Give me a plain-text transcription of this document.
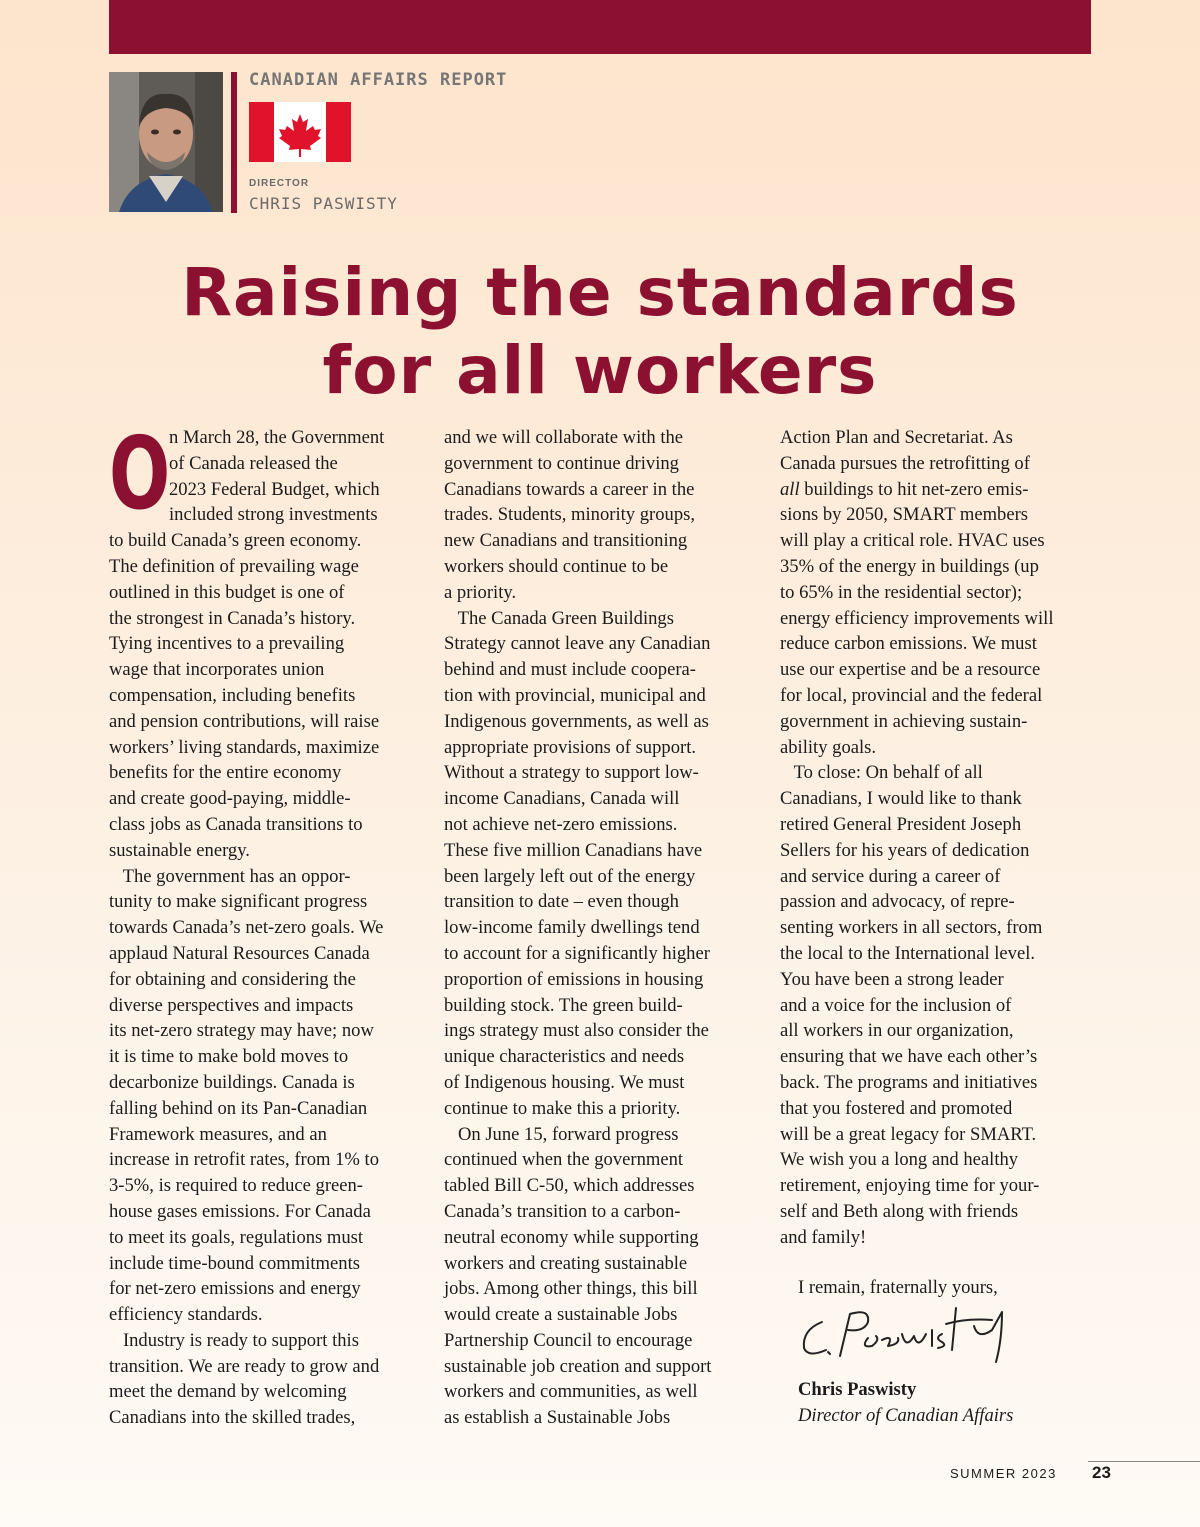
CANADIAN AFFAIRS REPORT
DIRECTOR
CHRIS PASWISTY
Raising the standards
for all workers
O

n March 28, the Government

of Canada released the

2023 Federal Budget, which

included strong investments

to build Canada’s green economy.

The definition of prevailing wage

outlined in this budget is one of

the strongest in Canada’s history.

Tying incentives to a prevailing

wage that incorporates union

compensation, including benefits

and pension contributions, will raise

workers’ living standards, maximize

benefits for the entire economy

and create good-paying, middle-

class jobs as Canada transitions to

sustainable energy.

The government has an oppor-

tunity to make significant progress

towards Canada’s net-zero goals. We

applaud Natural Resources Canada

for obtaining and considering the

diverse perspectives and impacts

its net-zero strategy may have; now

it is time to make bold moves to

decarbonize buildings. Canada is

falling behind on its Pan-Canadian

Framework measures, and an

increase in retrofit rates, from 1% to

3-5%, is required to reduce green-

house gases emissions. For Canada

to meet its goals, regulations must

include time-bound commitments

for net-zero emissions and energy

efficiency standards.

Industry is ready to support this

transition. We are ready to grow and

meet the demand by welcoming

Canadians into the skilled trades,

and we will collaborate with the

government to continue driving

Canadians towards a career in the

trades. Students, minority groups,

new Canadians and transitioning

workers should continue to be

a priority.

The Canada Green Buildings

Strategy cannot leave any Canadian

behind and must include coopera-

tion with provincial, municipal and

Indigenous governments, as well as

appropriate provisions of support.

Without a strategy to support low-

income Canadians, Canada will

not achieve net-zero emissions.

These five million Canadians have

been largely left out of the energy

transition to date – even though

low-income family dwellings tend

to account for a significantly higher

proportion of emissions in housing

building stock. The green build-

ings strategy must also consider the

unique characteristics and needs

of Indigenous housing. We must

continue to make this a priority.

On June 15, forward progress

continued when the government

tabled Bill C-50, which addresses

Canada’s transition to a carbon-

neutral economy while supporting

workers and creating sustainable

jobs. Among other things, this bill

would create a sustainable Jobs

Partnership Council to encourage

sustainable job creation and support

workers and communities, as well

as establish a Sustainable Jobs

Action Plan and Secretariat. As

Canada pursues the retrofitting of

all buildings to hit net-zero emis-

sions by 2050, SMART members

will play a critical role. HVAC uses

35% of the energy in buildings (up

to 65% in the residential sector);

energy efficiency improvements will

reduce carbon emissions. We must

use our expertise and be a resource

for local, provincial and the federal

government in achieving sustain-

ability goals.

To close: On behalf of all

Canadians, I would like to thank

retired General President Joseph

Sellers for his years of dedication

and service during a career of

passion and advocacy, of repre-

senting workers in all sectors, from

the local to the International level.

You have been a strong leader

and a voice for the inclusion of

all workers in our organization,

ensuring that we have each other’s

back. The programs and initiatives

that you fostered and promoted

will be a great legacy for SMART.

We wish you a long and healthy

retirement, enjoying time for your-

self and Beth along with friends

and family!

I remain, fraternally yours,
Chris Paswisty
Director of Canadian Affairs
SUMMER 2023 23
